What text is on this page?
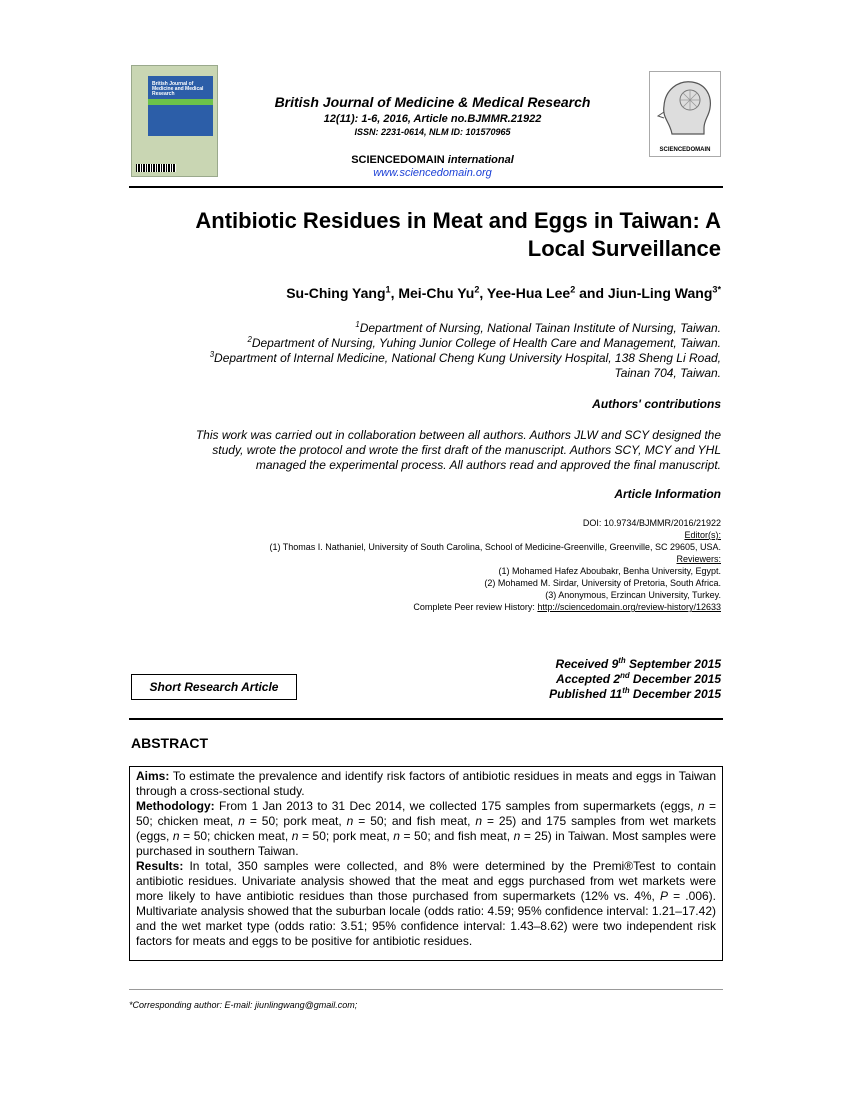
British Journal of Medicine and Medical Research	British Journal of Medicine & Medical Research
12(11): 1-6, 2016, Article no.BJMMR.21922
ISSN: 2231-0614, NLM ID: 101570965
SCIENCEDOMAIN international
www.sciencedomain.org
SCIENCEDOMAIN
Antibiotic Residues in Meat and Eggs in Taiwan: A
Local Surveillance
Su-Ching Yang$^1$, Mei-Chu Yu$^2$, Yee-Hua Lee$^2$ and Jiun-Ling Wang$^{3*}$
$^1$Department of Nursing, National Tainan Institute of Nursing, Taiwan.
$^2$Department of Nursing, Yuhing Junior College of Health Care and Management, Taiwan.
$^3$Department of Internal Medicine, National Cheng Kung University Hospital, 138 Sheng Li Road,
Tainan 704, Taiwan.
Authors' contributions
This work was carried out in collaboration between all authors. Authors JLW and SCY designed the
study, wrote the protocol and wrote the first draft of the manuscript. Authors SCY, MCY and YHL
managed the experimental process. All authors read and approved the final manuscript.
Article Information
DOI: 10.9734/BJMMR/2016/21922
Editor(s):
(1) Thomas I. Nathaniel, University of South Carolina, School of Medicine-Greenville, Greenville, SC 29605, USA.
Reviewers:
(1) Mohamed Hafez Aboubakr, Benha University, Egypt.
(2) Mohamed M. Sirdar, University of Pretoria, South Africa.
(3) Anonymous, Erzincan University, Turkey.
Complete Peer review History: http://sciencedomain.org/review-history/12633
Received 9th September 2015
Accepted 2nd December 2015
Published 11th December 2015
Short Research Article
ABSTRACT

Aims: To estimate the prevalence and identify risk factors of antibiotic residues in meats and eggs in Taiwan through a cross-sectional study.

Methodology: From 1 Jan 2013 to 31 Dec 2014, we collected 175 samples from supermarkets (eggs, n = 50; chicken meat, n = 50; pork meat, n = 50; and fish meat, n = 25) and 175 samples from wet markets (eggs, n = 50; chicken meat, n = 50; pork meat, n = 50; and fish meat, n = 25) in Taiwan. Most samples were purchased in southern Taiwan.

Results: In total, 350 samples were collected, and 8% were determined by the Premi®Test to contain antibiotic residues. Univariate analysis showed that the meat and eggs purchased from wet markets were more likely to have antibiotic residues than those purchased from supermarkets (12% vs. 4%, P = .006). Multivariate analysis showed that the suburban locale (odds ratio: 4.59; 95% confidence interval: 1.21–17.42) and the wet market type (odds ratio: 3.51; 95% confidence interval: 1.43–8.62) were two independent risk factors for meats and eggs to be positive for antibiotic residues.

*Corresponding author: E-mail: jiunlingwang@gmail.com;
